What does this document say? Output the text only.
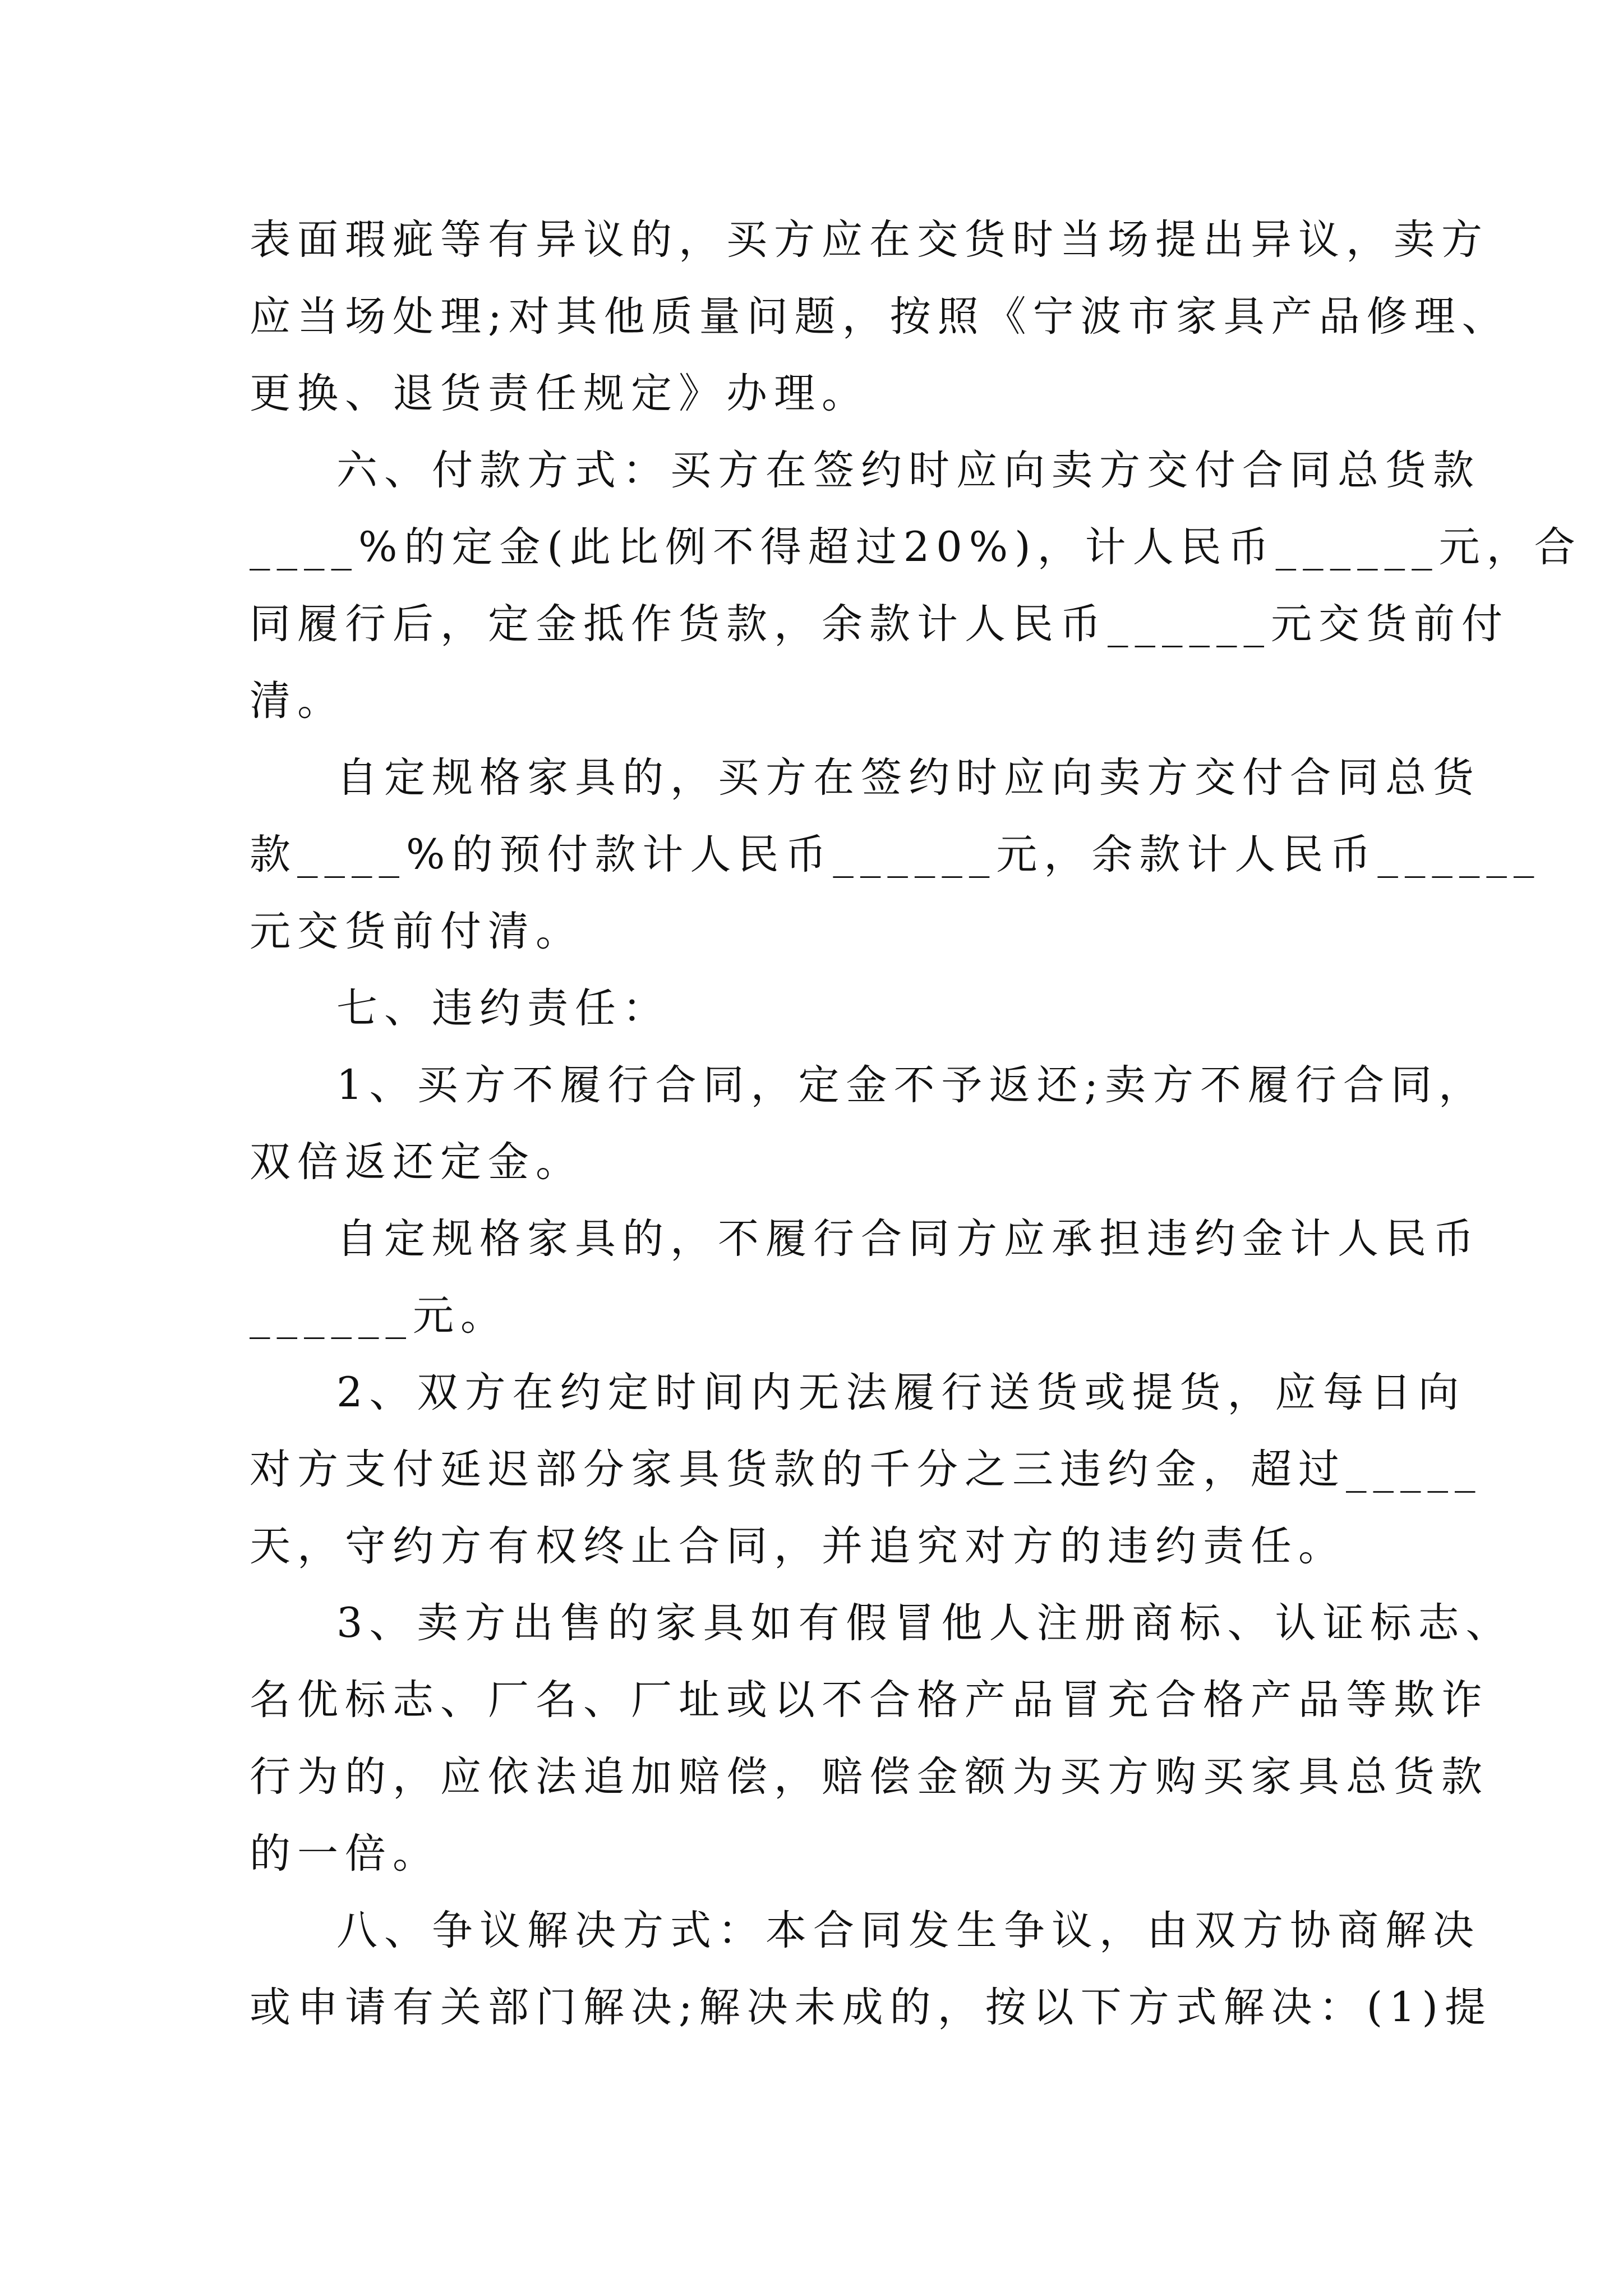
表面瑕疵等有异议的，买方应在交货时当场提出异议，卖方
应当场处理;对其他质量问题，按照《宁波市家具产品修理、
更换、退货责任规定》办理。
六、付款方式：买方在签约时应向卖方交付合同总货款
____%的定金(此比例不得超过20%)，计人民币______元，合
同履行后，定金抵作货款，余款计人民币______元交货前付
清。
自定规格家具的，买方在签约时应向卖方交付合同总货
款____%的预付款计人民币______元，余款计人民币______
元交货前付清。
七、违约责任：
1、买方不履行合同，定金不予返还;卖方不履行合同，
双倍返还定金。
自定规格家具的，不履行合同方应承担违约金计人民币
______元。
2、双方在约定时间内无法履行送货或提货，应每日向
对方支付延迟部分家具货款的千分之三违约金，超过_____
天，守约方有权终止合同，并追究对方的违约责任。
3、卖方出售的家具如有假冒他人注册商标、认证标志、
名优标志、厂名、厂址或以不合格产品冒充合格产品等欺诈
行为的，应依法追加赔偿，赔偿金额为买方购买家具总货款
的一倍。
八、争议解决方式：本合同发生争议，由双方协商解决
或申请有关部门解决;解决未成的，按以下方式解决：(1)提
